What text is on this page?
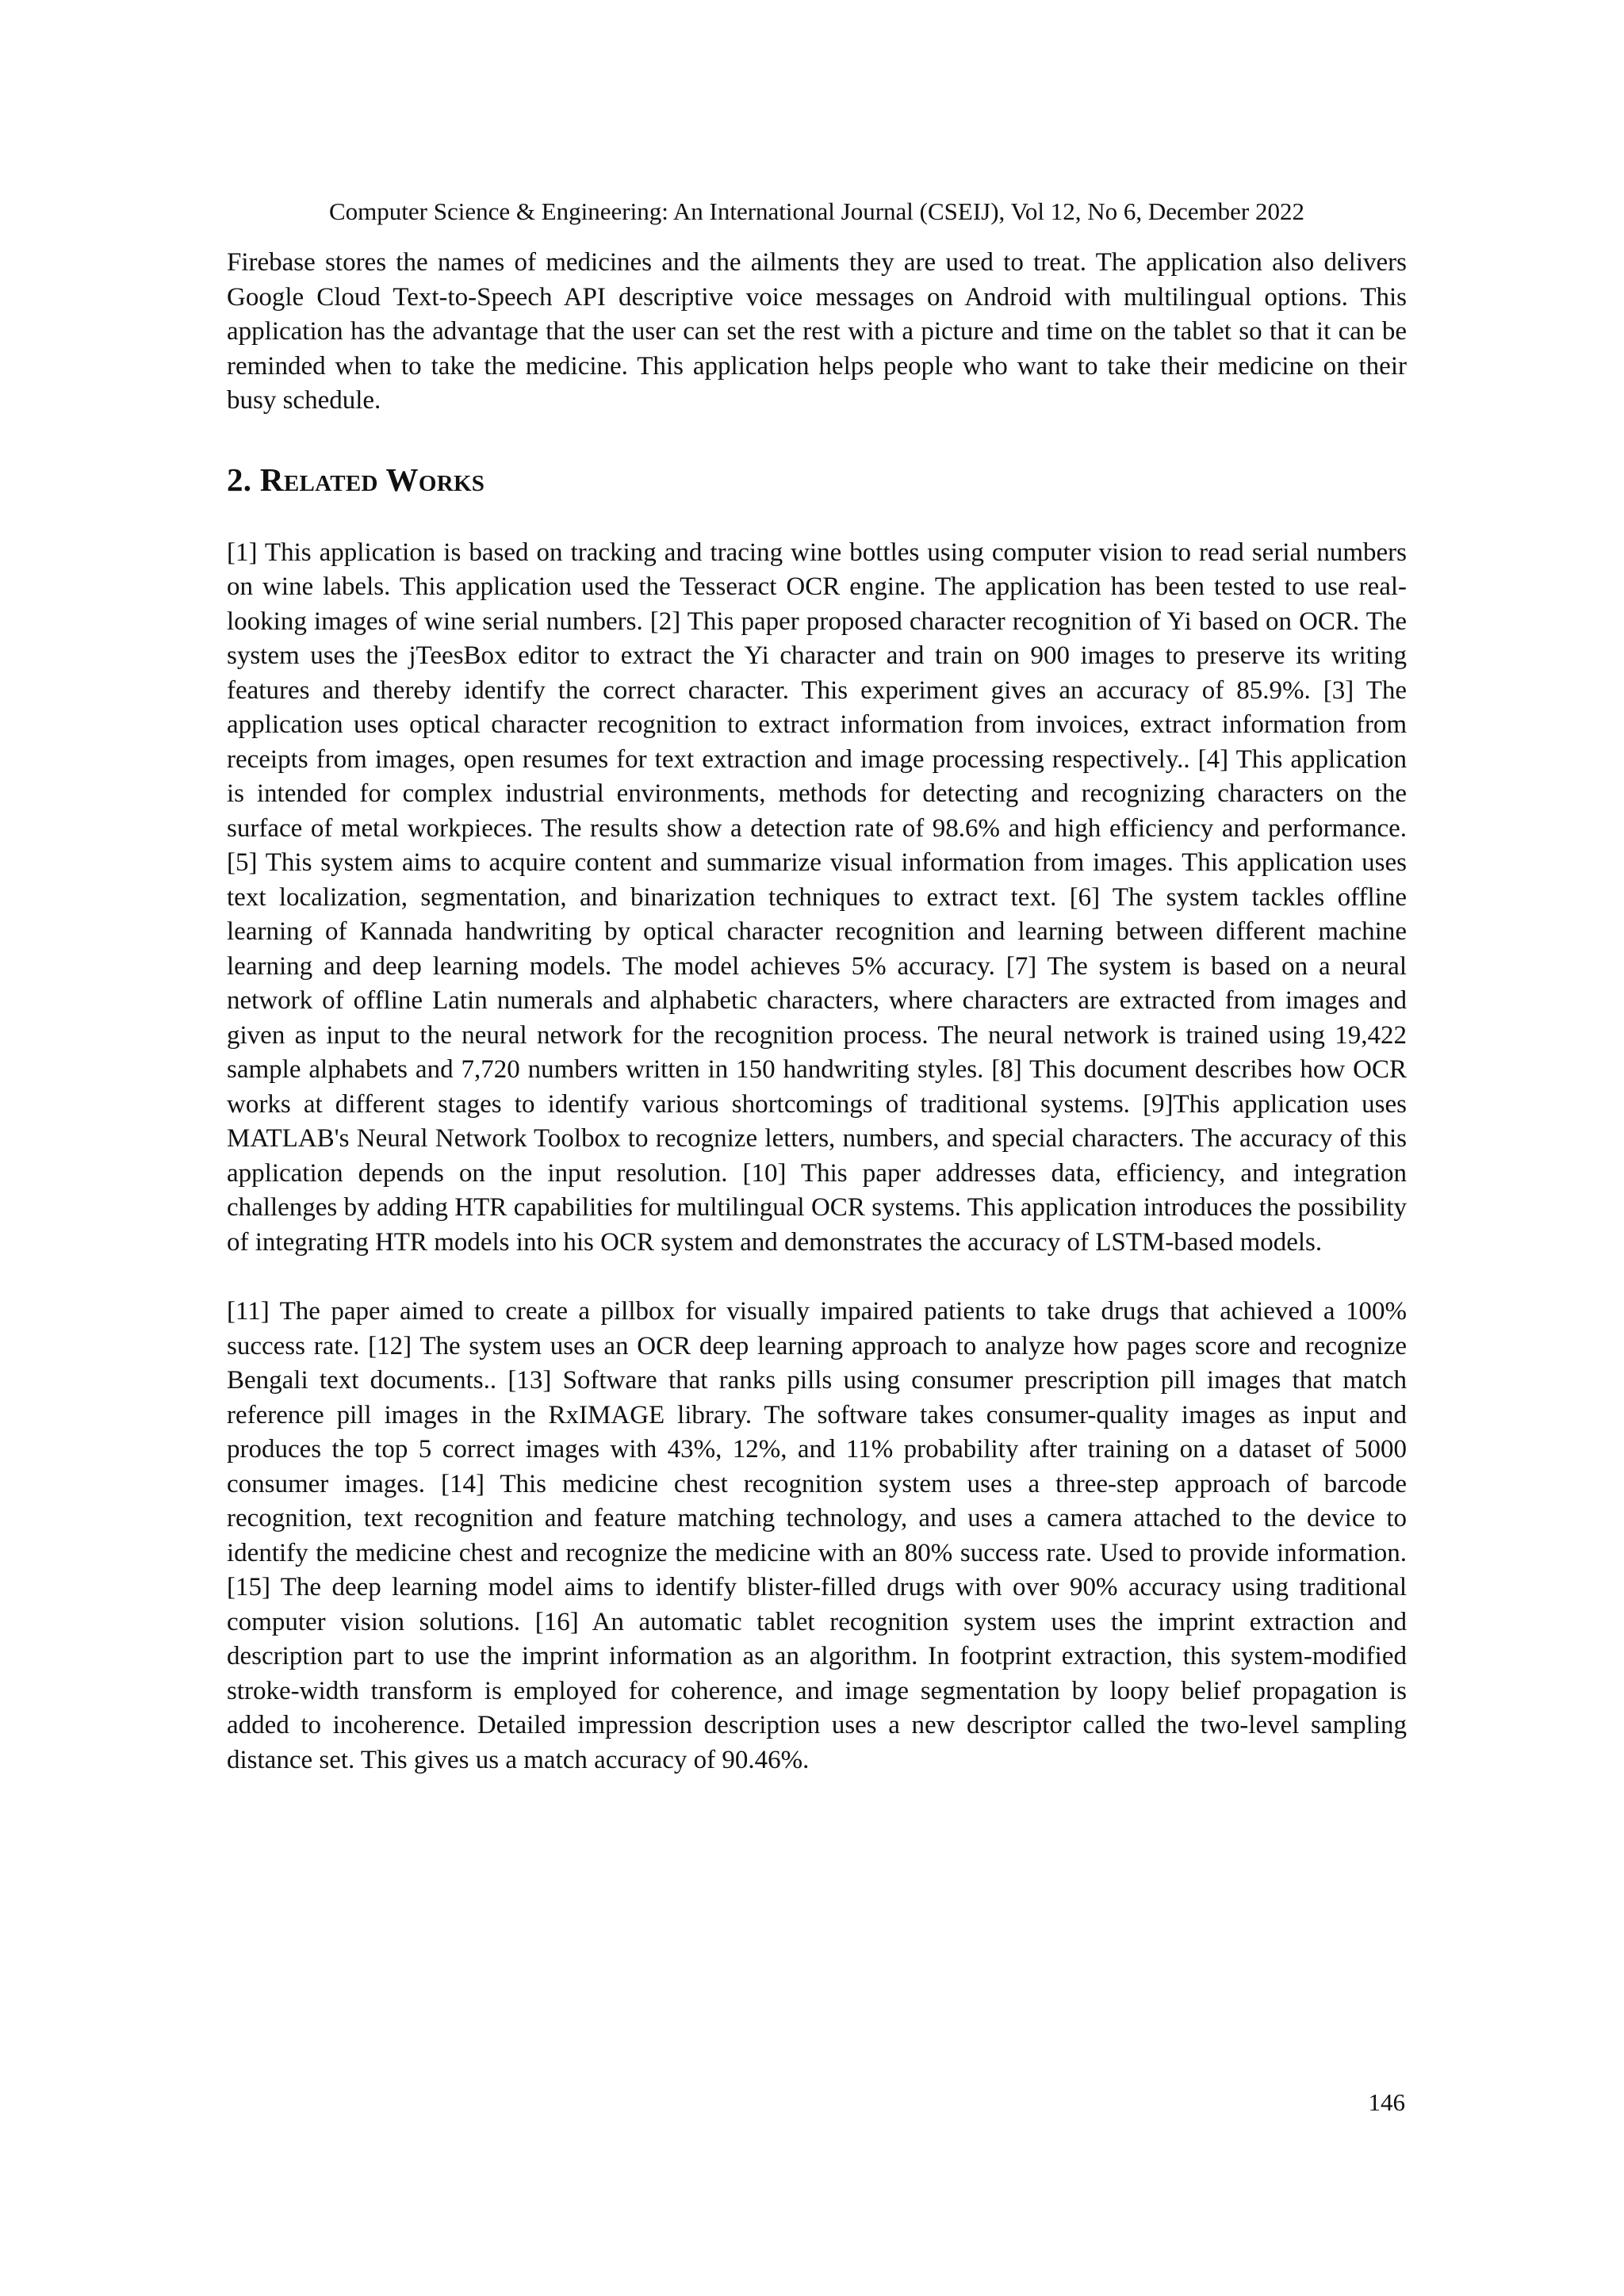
Computer Science & Engineering: An International Journal (CSEIJ), Vol 12, No 6, December 2022

Firebase stores the names of medicines and the ailments they are used to treat. The application also delivers Google Cloud Text-to-Speech API descriptive voice messages on Android with multilingual options. This application has the advantage that the user can set the rest with a picture and time on the tablet so that it can be reminded when to take the medicine. This application helps people who want to take their medicine on their busy schedule.

2. Related Works

[1] This application is based on tracking and tracing wine bottles using computer vision to read serial numbers on wine labels. This application used the Tesseract OCR engine. The application has been tested to use real-looking images of wine serial numbers. [2] This paper proposed character recognition of Yi based on OCR. The system uses the jTeesBox editor to extract the Yi character and train on 900 images to preserve its writing features and thereby identify the correct character. This experiment gives an accuracy of 85.9%. [3] The application uses optical character recognition to extract information from invoices, extract information from receipts from images, open resumes for text extraction and image processing respectively.. [4] This application is intended for complex industrial environments, methods for detecting and recognizing characters on the surface of metal workpieces. The results show a detection rate of 98.6% and high efficiency and performance. [5] This system aims to acquire content and summarize visual information from images. This application uses text localization, segmentation, and binarization techniques to extract text. [6] The system tackles offline learning of Kannada handwriting by optical character recognition and learning between different machine learning and deep learning models. The model achieves 5% accuracy. [7] The system is based on a neural network of offline Latin numerals and alphabetic characters, where characters are extracted from images and given as input to the neural network for the recognition process. The neural network is trained using 19,422 sample alphabets and 7,720 numbers written in 150 handwriting styles. [8] This document describes how OCR works at different stages to identify various shortcomings of traditional systems. [9]This application uses MATLAB's Neural Network Toolbox to recognize letters, numbers, and special characters. The accuracy of this application depends on the input resolution. [10] This paper addresses data, efficiency, and integration challenges by adding HTR capabilities for multilingual OCR systems. This application introduces the possibility of integrating HTR models into his OCR system and demonstrates the accuracy of LSTM-based models.

[11] The paper aimed to create a pillbox for visually impaired patients to take drugs that achieved a 100% success rate. [12] The system uses an OCR deep learning approach to analyze how pages score and recognize Bengali text documents.. [13] Software that ranks pills using consumer prescription pill images that match reference pill images in the RxIMAGE library. The software takes consumer-quality images as input and produces the top 5 correct images with 43%, 12%, and 11% probability after training on a dataset of 5000 consumer images. [14] This medicine chest recognition system uses a three-step approach of barcode recognition, text recognition and feature matching technology, and uses a camera attached to the device to identify the medicine chest and recognize the medicine with an 80% success rate. Used to provide information. [15] The deep learning model aims to identify blister-filled drugs with over 90% accuracy using traditional computer vision solutions. [16] An automatic tablet recognition system uses the imprint extraction and description part to use the imprint information as an algorithm. In footprint extraction, this system-modified stroke-width transform is employed for coherence, and image segmentation by loopy belief propagation is added to incoherence. Detailed impression description uses a new descriptor called the two-level sampling distance set. This gives us a match accuracy of 90.46%.

146
